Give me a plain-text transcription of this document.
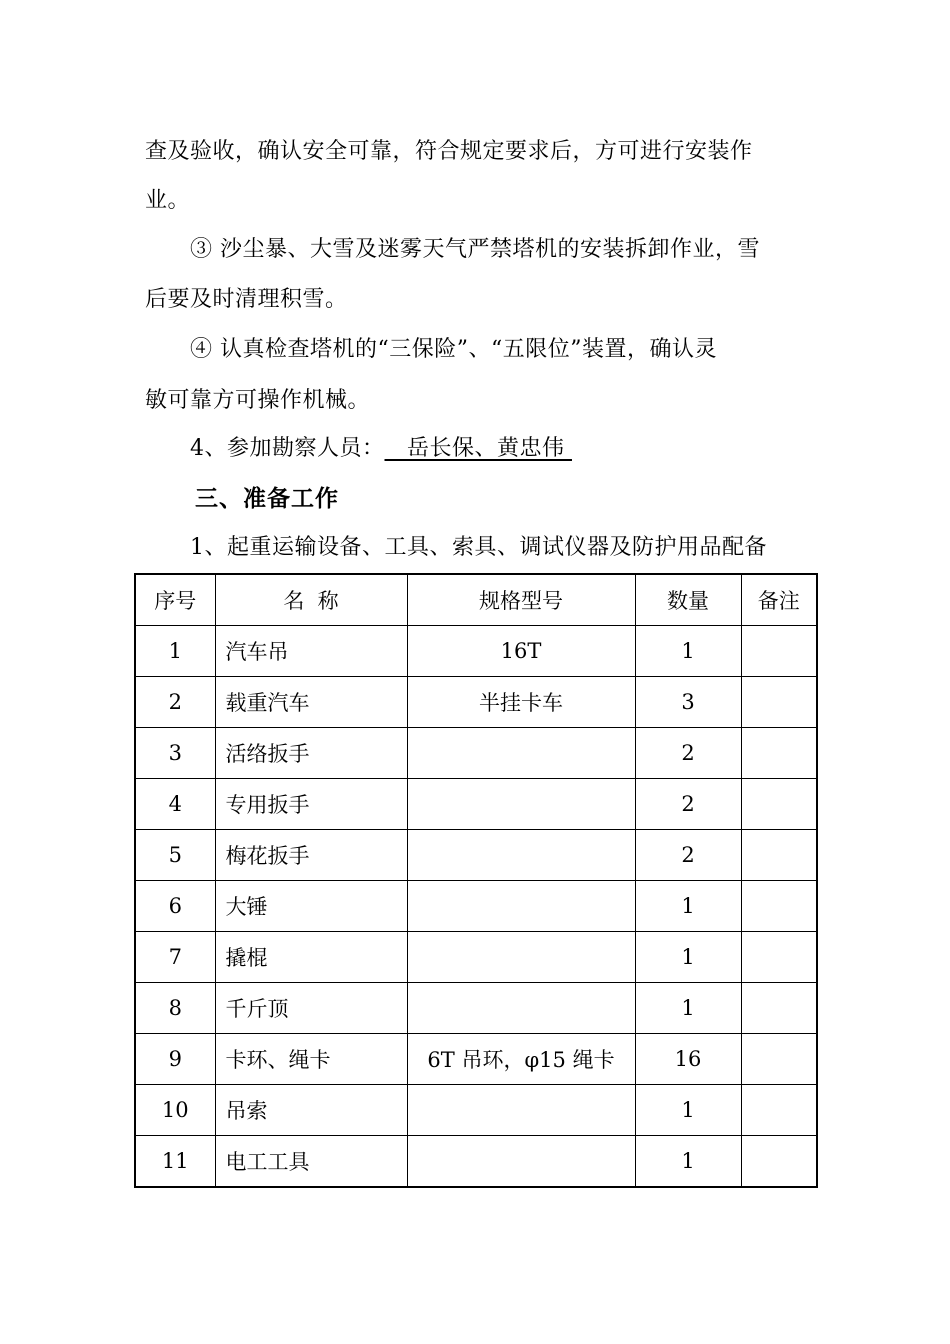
查及验收，确认安全可靠，符合规定要求后，方可进行安装作
业。
③ 沙尘暴、大雪及迷雾天气严禁塔机的安装拆卸作业，雪
后要及时清理积雪。
④ 认真检查塔机的“三保险”、“五限位”装置，确认灵
敏可靠方可操作机械。
4、参加勘察人员：   岳长保、黄忠伟
三、准备工作
1、起重运输设备、工具、索具、调试仪器及防护用品配备
序号	名  称	规格型号	数量	备注
1	汽车吊	16T	1	
2	载重汽车	半挂卡车	3	
3	活络扳手		2	
4	专用扳手		2	
5	梅花扳手		2	
6	大锤		1	
7	撬棍		1	
8	千斤顶		1	
9	卡环、绳卡	6T 吊环，φ15 绳卡	16	
10	吊索		1	
11	电工工具		1	
